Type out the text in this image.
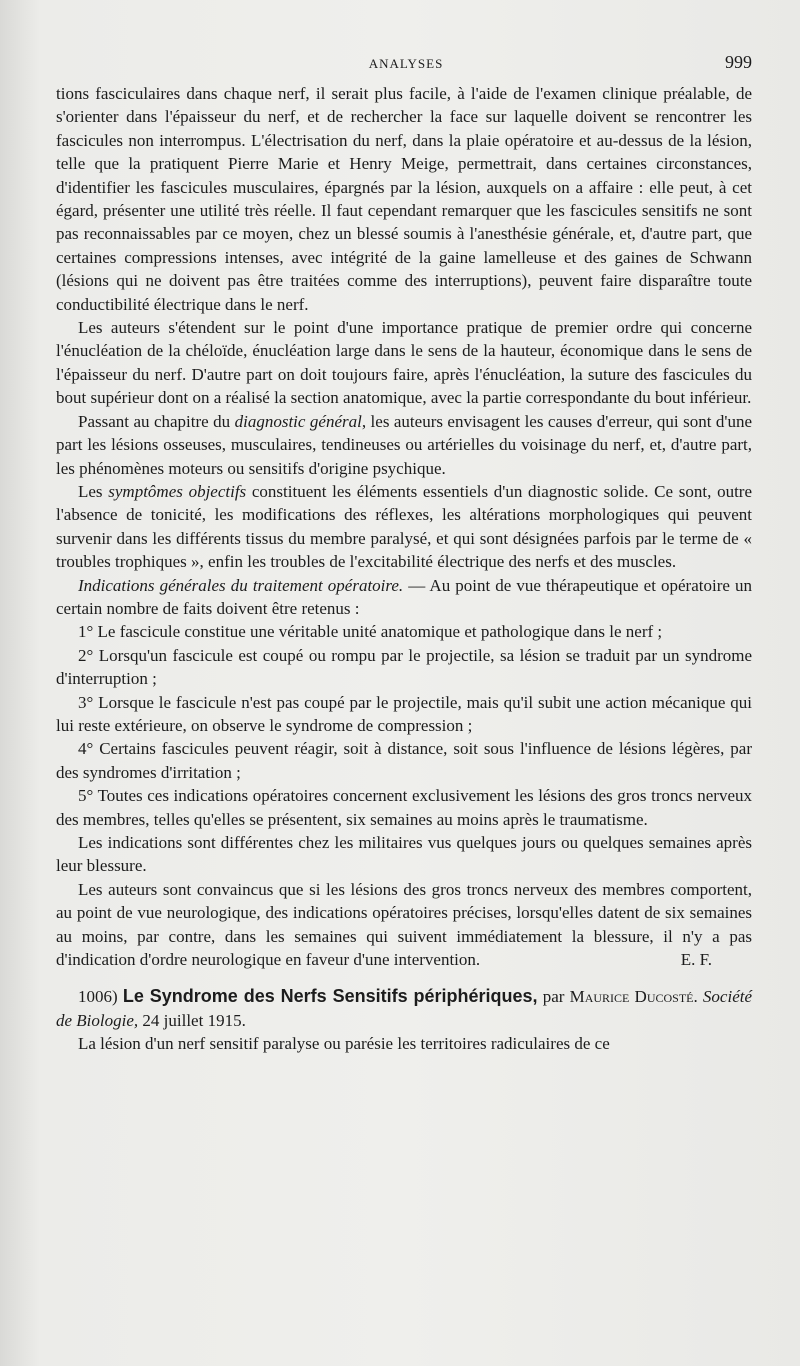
ANALYSES	999

tions fasciculaires dans chaque nerf, il serait plus facile, à l'aide de l'examen clinique préalable, de s'orienter dans l'épaisseur du nerf, et de rechercher la face sur laquelle doivent se rencontrer les fascicules non interrompus. L'électrisation du nerf, dans la plaie opératoire et au-dessus de la lésion, telle que la pratiquent Pierre Marie et Henry Meige, permettrait, dans certaines circonstances, d'identifier les fascicules musculaires, épargnés par la lésion, auxquels on a affaire : elle peut, à cet égard, présenter une utilité très réelle. Il faut cependant remarquer que les fascicules sensitifs ne sont pas reconnaissables par ce moyen, chez un blessé soumis à l'anesthésie générale, et, d'autre part, que certaines compressions intenses, avec intégrité de la gaine lamelleuse et des gaines de Schwann (lésions qui ne doivent pas être traitées comme des interruptions), peuvent faire disparaître toute conductibilité électrique dans le nerf.

Les auteurs s'étendent sur le point d'une importance pratique de premier ordre qui concerne l'énucléation de la chéloïde, énucléation large dans le sens de la hauteur, économique dans le sens de l'épaisseur du nerf. D'autre part on doit toujours faire, après l'énucléation, la suture des fascicules du bout supérieur dont on a réalisé la section anatomique, avec la partie correspondante du bout inférieur.

Passant au chapitre du diagnostic général, les auteurs envisagent les causes d'erreur, qui sont d'une part les lésions osseuses, musculaires, tendineuses ou artérielles du voisinage du nerf, et, d'autre part, les phénomènes moteurs ou sensitifs d'origine psychique.

Les symptômes objectifs constituent les éléments essentiels d'un diagnostic solide. Ce sont, outre l'absence de tonicité, les modifications des réflexes, les altérations morphologiques qui peuvent survenir dans les différents tissus du membre paralysé, et qui sont désignées parfois par le terme de « troubles trophiques », enfin les troubles de l'excitabilité électrique des nerfs et des muscles.

Indications générales du traitement opératoire. — Au point de vue thérapeutique et opératoire un certain nombre de faits doivent être retenus :

1° Le fascicule constitue une véritable unité anatomique et pathologique dans le nerf ;

2° Lorsqu'un fascicule est coupé ou rompu par le projectile, sa lésion se traduit par un syndrome d'interruption ;

3° Lorsque le fascicule n'est pas coupé par le projectile, mais qu'il subit une action mécanique qui lui reste extérieure, on observe le syndrome de compression ;

4° Certains fascicules peuvent réagir, soit à distance, soit sous l'influence de lésions légères, par des syndromes d'irritation ;

5° Toutes ces indications opératoires concernent exclusivement les lésions des gros troncs nerveux des membres, telles qu'elles se présentent, six semaines au moins après le traumatisme.

Les indications sont différentes chez les militaires vus quelques jours ou quelques semaines après leur blessure.

Les auteurs sont convaincus que si les lésions des gros troncs nerveux des membres comportent, au point de vue neurologique, des indications opératoires précises, lorsqu'elles datent de six semaines au moins, par contre, dans les semaines qui suivent immédiatement la blessure, il n'y a pas d'indication d'ordre neurologique en faveur d'une intervention.	E. F.

1006) Le Syndrome des Nerfs Sensitifs périphériques, par Maurice Ducosté. Société de Biologie, 24 juillet 1915.

La lésion d'un nerf sensitif paralyse ou parésie les territoires radiculaires de ce
